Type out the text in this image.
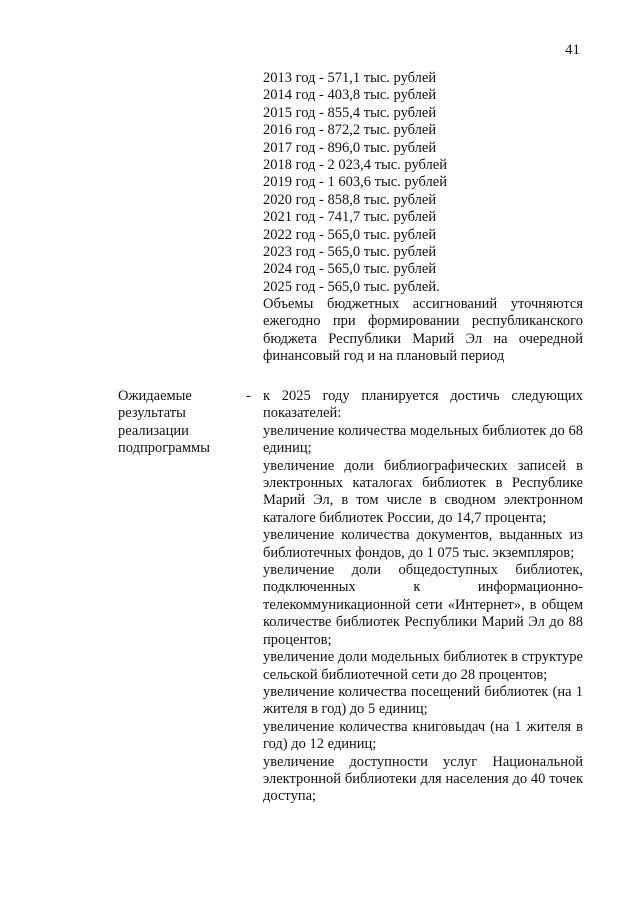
41
2013 год - 571,1 тыс. рублей
2014 год - 403,8 тыс. рублей
2015 год - 855,4 тыс. рублей
2016 год - 872,2 тыс. рублей
2017 год - 896,0 тыс. рублей
2018 год - 2 023,4 тыс. рублей
2019 год - 1 603,6 тыс. рублей
2020 год - 858,8 тыс. рублей
2021 год - 741,7 тыс. рублей
2022 год - 565,0 тыс. рублей
2023 год - 565,0 тыс. рублей
2024 год - 565,0 тыс. рублей
2025 год - 565,0 тыс. рублей.
Объемы бюджетных ассигнований уточняются ежегодно при формировании республиканского бюджета Республики Марий Эл на очередной финансовый год и на плановый период
Ожидаемые результаты реализации подпрограммы
- к 2025 году планируется достичь следующих показателей:

увеличение количества модельных библиотек до 68 единиц;

увеличение доли библиографических записей в электронных каталогах библиотек в Республике Марий Эл, в том числе в сводном электронном каталоге библиотек России, до 14,7 процента;

увеличение количества документов, выданных из библиотечных фондов, до 1 075 тыс. экземпляров;

увеличение доли общедоступных библиотек, подключенных к информационно-телекоммуникационной сети «Интернет», в общем количестве библиотек Республики Марий Эл до 88 процентов;

увеличение доли модельных библиотек в структуре сельской библиотечной сети до 28 процентов;

увеличение количества посещений библиотек (на 1 жителя в год) до 5 единиц;

увеличение количества книговыдач (на 1 жителя в год) до 12 единиц;

увеличение доступности услуг Национальной электронной библиотеки для населения до 40 точек доступа;
